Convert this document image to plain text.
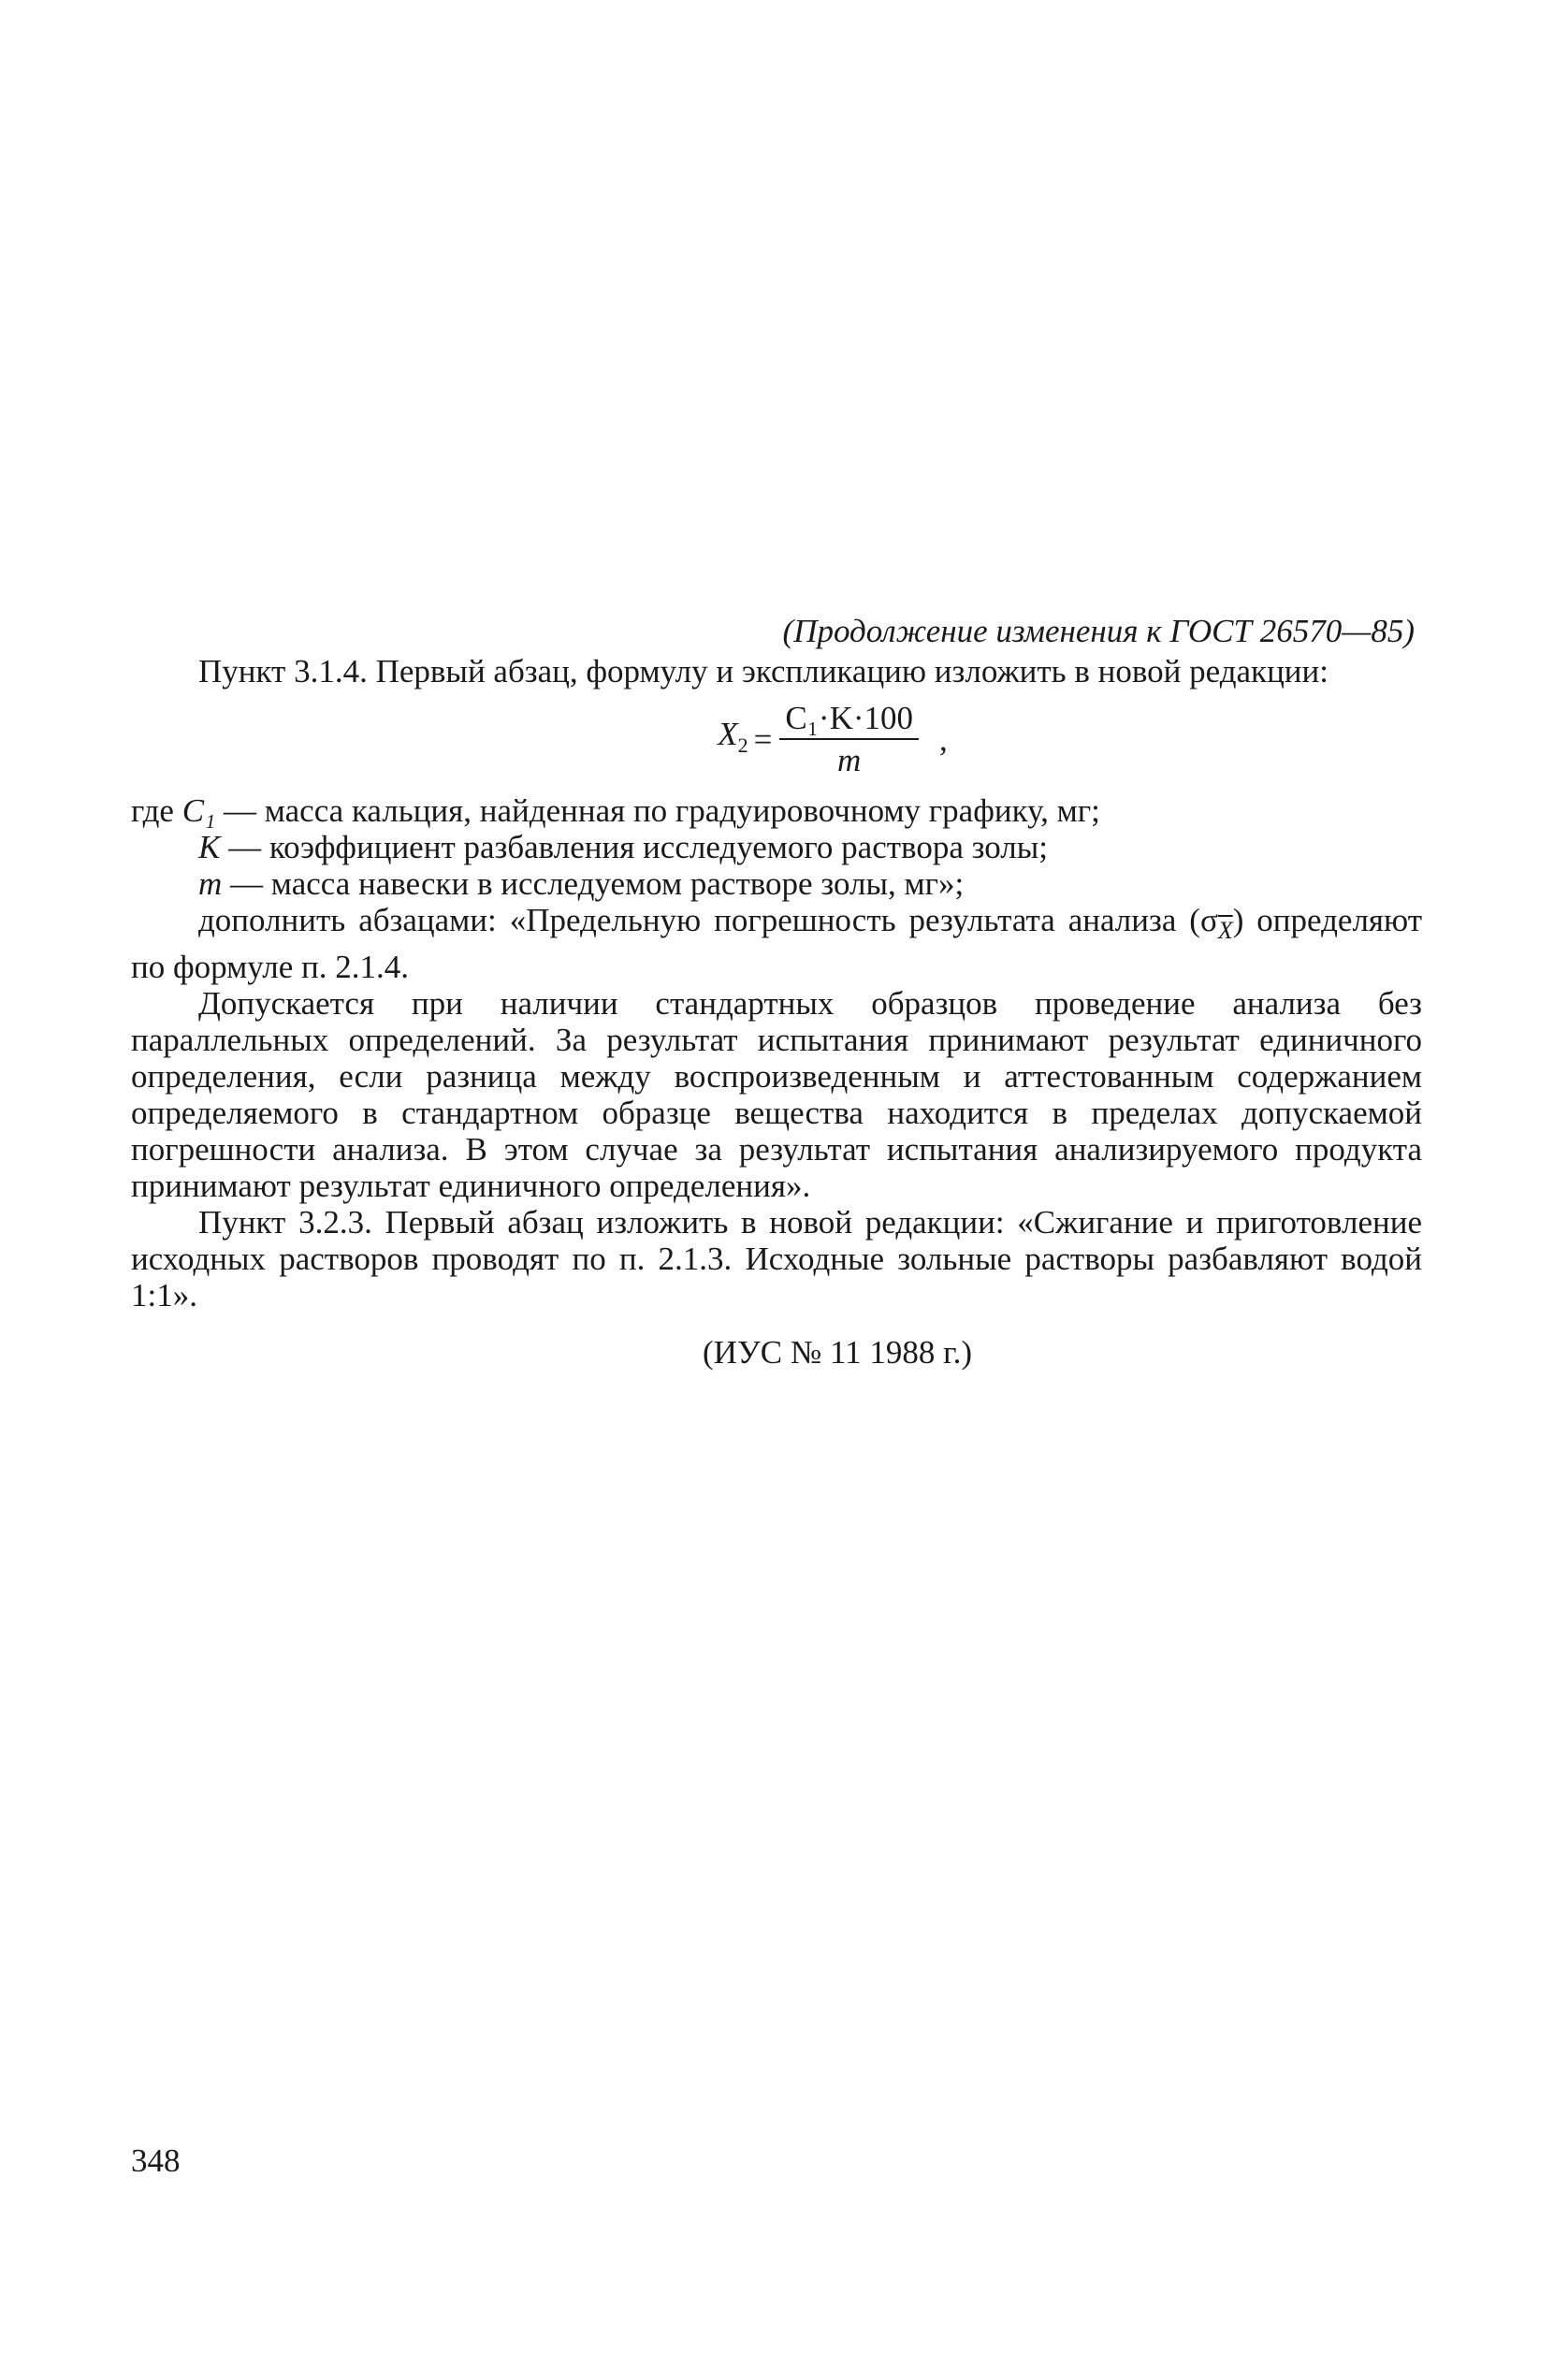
(Продолжение изменения к ГОСТ 26570—85)

Пункт 3.1.4. Первый абзац, формулу и экспликацию изложить в новой редакции:

$X_2 = \frac{\text{C₁·K·100}}{m}$ ,

где C₁ — масса кальция, найденная по градуировочному графику, мг;

K — коэффициент разбавления исследуемого раствора золы;

m — масса навески в исследуемом растворе золы, мг»;

дополнить абзацами: «Предельную погрешность результата анализа $(\sigma_{\overline{X}})$ определяют по формуле п. 2.1.4.

Допускается при наличии стандартных образцов проведение анализа без параллельных определений. За результат испытания принимают результат единичного определения, если разница между воспроизведенным и аттестованным содержанием определяемого в стандартном образце вещества находится в пределах допускаемой погрешности анализа. В этом случае за результат испытания анализируемого продукта принимают результат единичного определения».

Пункт 3.2.3. Первый абзац изложить в новой редакции: «Сжигание и приготовление исходных растворов проводят по п. 2.1.3. Исходные зольные растворы разбавляют водой 1:1».

(ИУС № 11 1988 г.)
348
